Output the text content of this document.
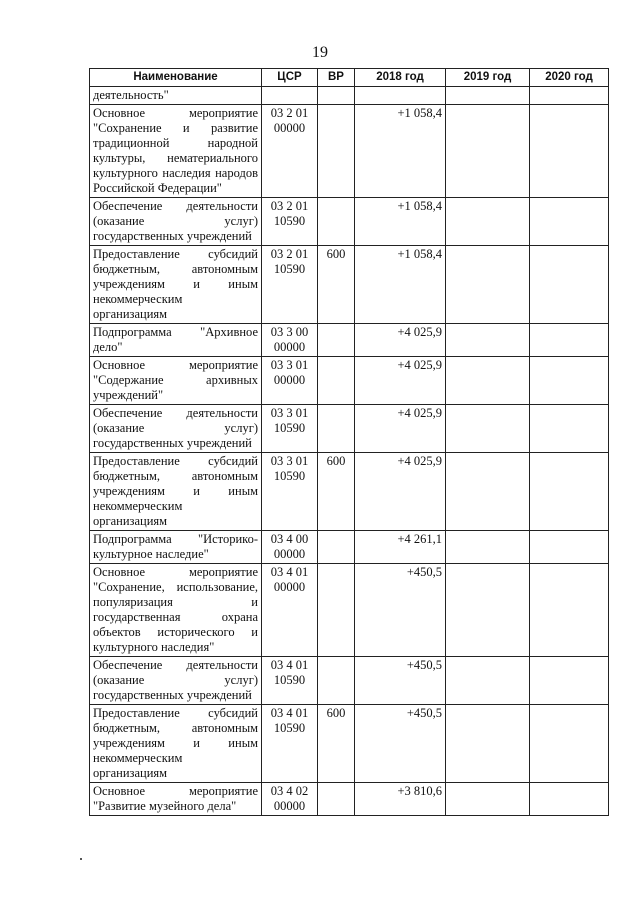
19
Наименование	ЦСР	ВР	2018 год	2019 год	2020 год
деятельность"					
Основное мероприятие "Сохранение и развитие традиционной народной культуры, нематериального культурного наследия народов Российской Федерации"	03 2 01 00000		+1 058,4		
Обеспечение деятельности (оказание услуг) государственных учреждений	03 2 01 10590		+1 058,4		
Предоставление субсидий бюджетным, автономным учреждениям и иным некоммерческим организациям	03 2 01 10590	600	+1 058,4		
Подпрограмма "Архивное дело"	03 3 00 00000		+4 025,9		
Основное мероприятие "Содержание архивных учреждений"	03 3 01 00000		+4 025,9		
Обеспечение деятельности (оказание услуг) государственных учреждений	03 3 01 10590		+4 025,9		
Предоставление субсидий бюджетным, автономным учреждениям и иным некоммерческим организациям	03 3 01 10590	600	+4 025,9		
Подпрограмма "Историко-культурное наследие"	03 4 00 00000		+4 261,1		
Основное мероприятие "Сохранение, использование, популяризация и государственная охрана объектов исторического и культурного наследия"	03 4 01 00000		+450,5		
Обеспечение деятельности (оказание услуг) государственных учреждений	03 4 01 10590		+450,5		
Предоставление субсидий бюджетным, автономным учреждениям и иным некоммерческим организациям	03 4 01 10590	600	+450,5		
Основное мероприятие "Развитие музейного дела"	03 4 02 00000		+3 810,6		
